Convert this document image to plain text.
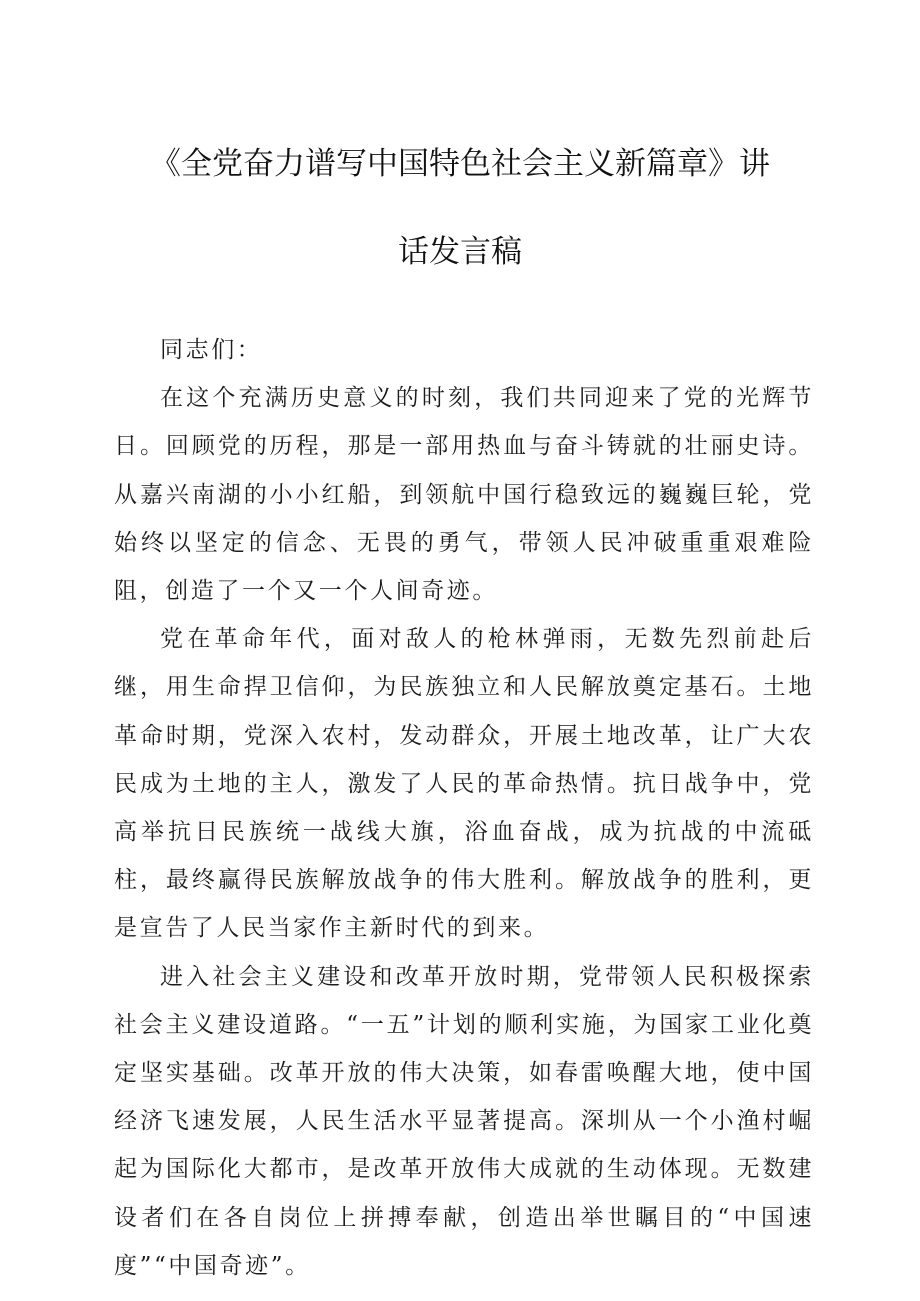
《全党奋力谱写中国特色社会主义新篇章》讲
话发言稿

同志们：

在这个充满历史意义的时刻，我们共同迎来了党的光辉节日。回顾党的历程，那是一部用热血与奋斗铸就的壮丽史诗。从嘉兴南湖的小小红船，到领航中国行稳致远的巍巍巨轮，党始终以坚定的信念、无畏的勇气，带领人民冲破重重艰难险阻，创造了一个又一个人间奇迹。

党在革命年代，面对敌人的枪林弹雨，无数先烈前赴后继，用生命捍卫信仰，为民族独立和人民解放奠定基石。土地革命时期，党深入农村，发动群众，开展土地改革，让广大农民成为土地的主人，激发了人民的革命热情。抗日战争中，党高举抗日民族统一战线大旗，浴血奋战，成为抗战的中流砥柱，最终赢得民族解放战争的伟大胜利。解放战争的胜利，更是宣告了人民当家作主新时代的到来。

进入社会主义建设和改革开放时期，党带领人民积极探索社会主义建设道路。“一五”计划的顺利实施，为国家工业化奠定坚实基础。改革开放的伟大决策，如春雷唤醒大地，使中国经济飞速发展，人民生活水平显著提高。深圳从一个小渔村崛起为国际化大都市，是改革开放伟大成就的生动体现。无数建设者们在各自岗位上拼搏奉献，创造出举世瞩目的“中国速度”“中国奇迹”。
